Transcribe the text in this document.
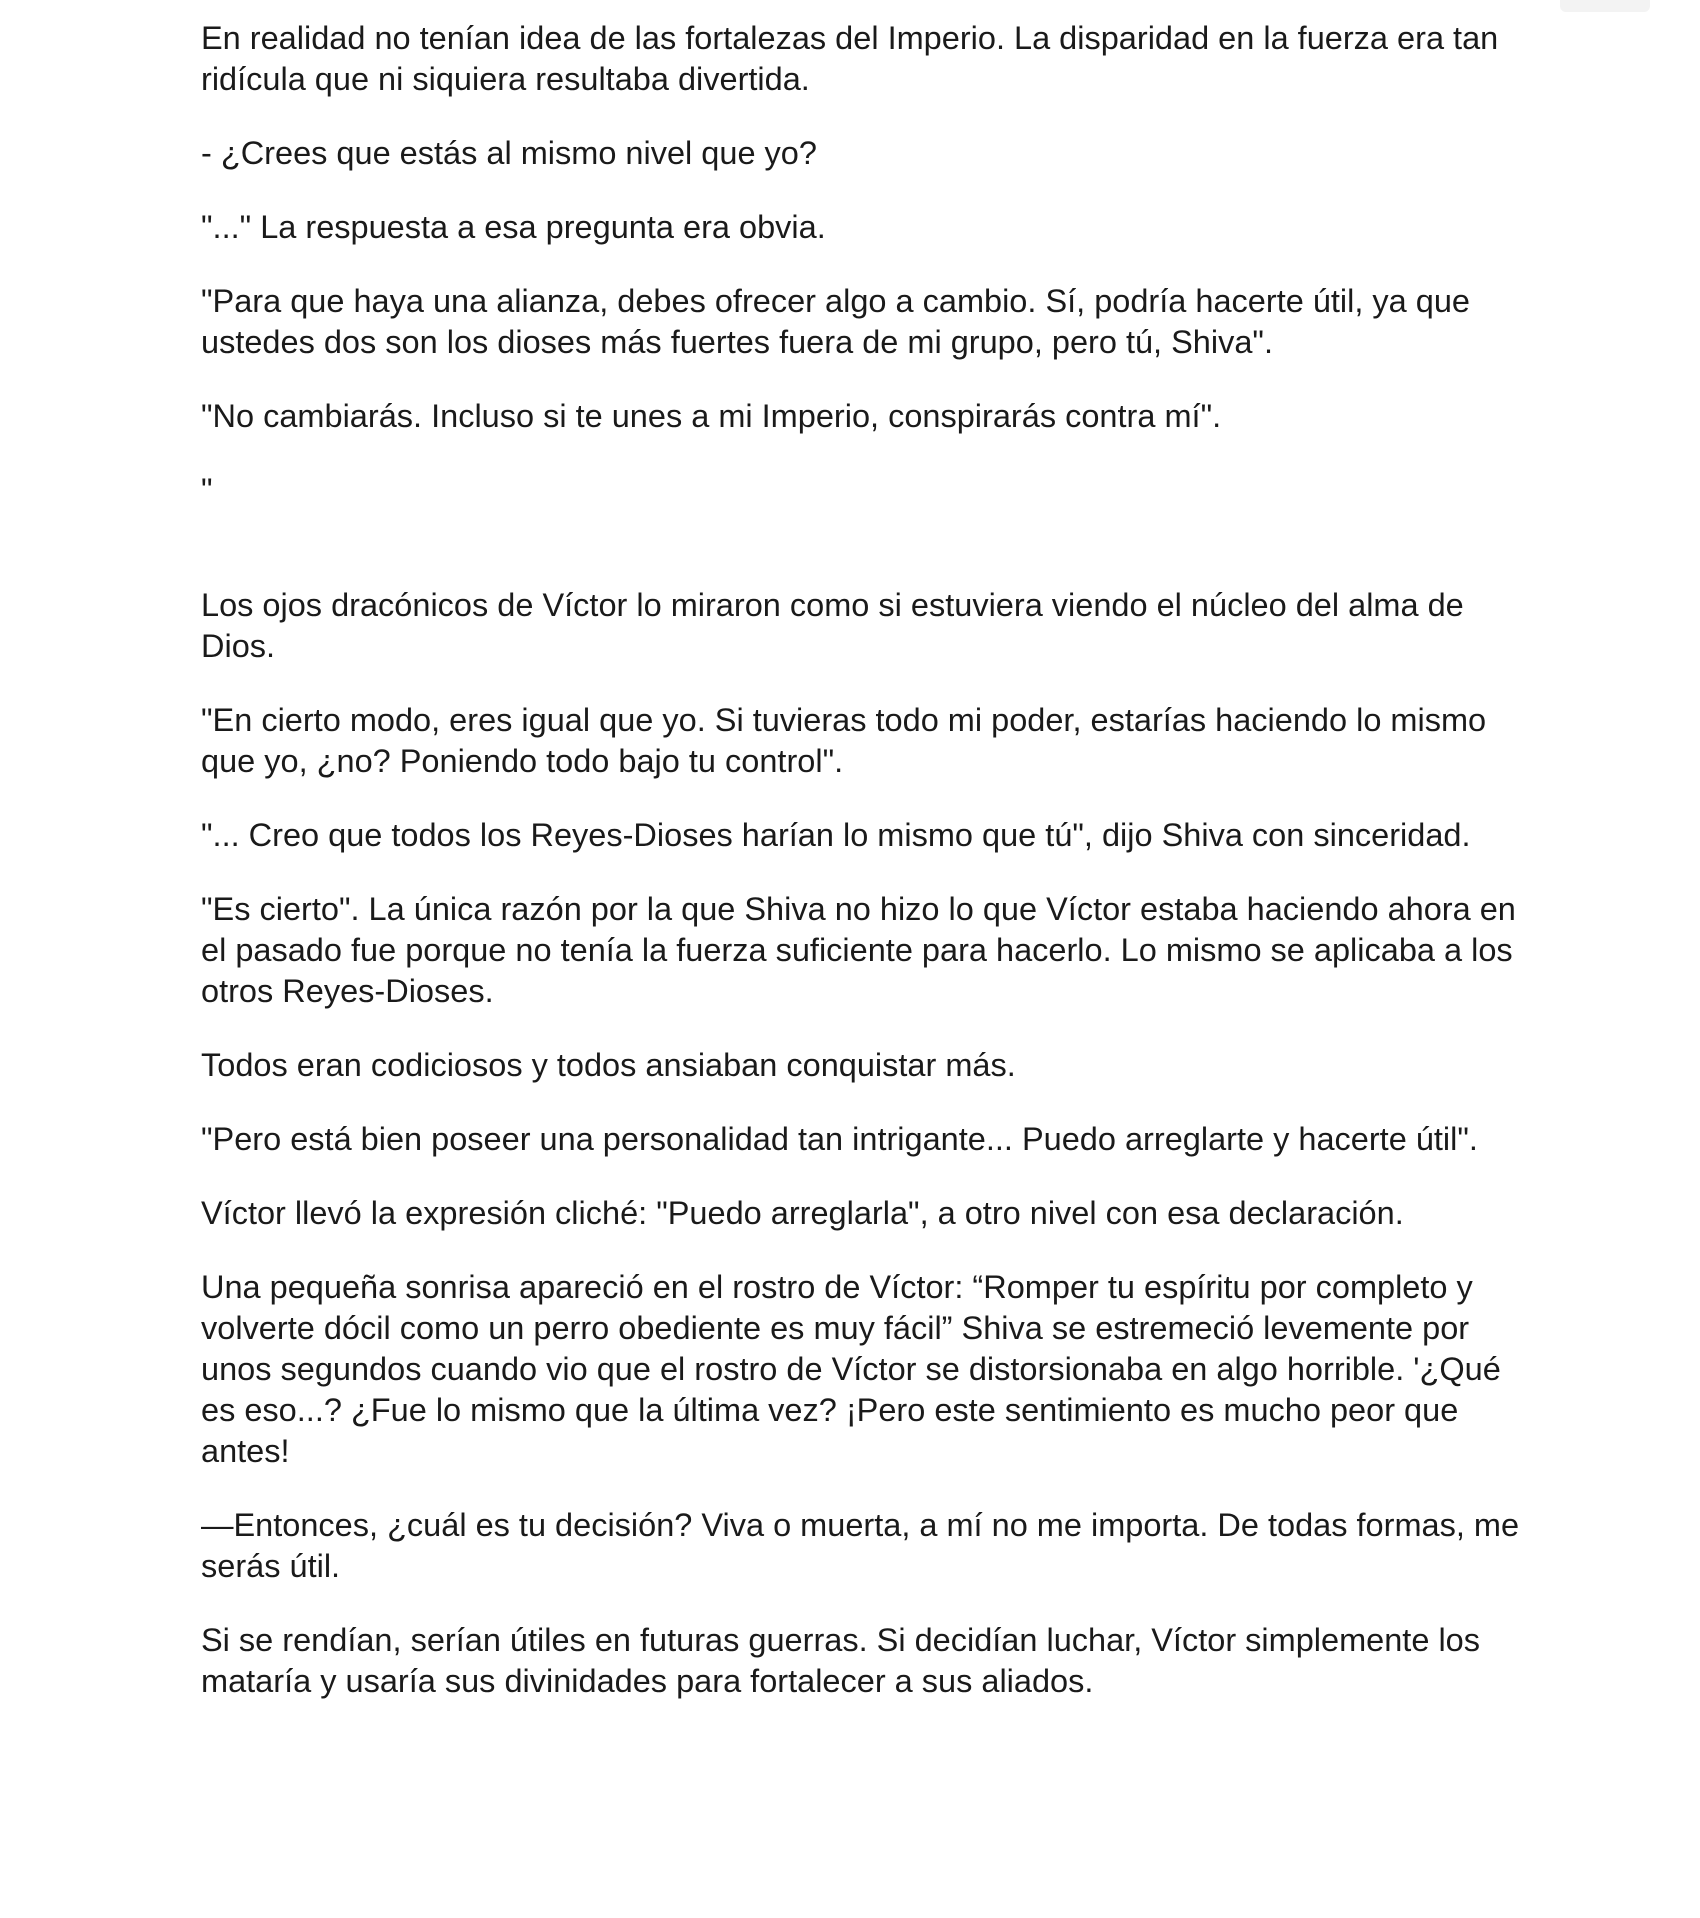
En realidad no tenían idea de las fortalezas del Imperio. La disparidad en la fuerza era tan ridícula que ni siquiera resultaba divertida.

- ¿Crees que estás al mismo nivel que yo?

"..." La respuesta a esa pregunta era obvia.

"Para que haya una alianza, debes ofrecer algo a cambio. Sí, podría hacerte útil, ya que ustedes dos son los dioses más fuertes fuera de mi grupo, pero tú, Shiva".

"No cambiarás. Incluso si te unes a mi Imperio, conspirarás contra mí".

"

Los ojos dracónicos de Víctor lo miraron como si estuviera viendo el núcleo del alma de Dios.

"En cierto modo, eres igual que yo. Si tuvieras todo mi poder, estarías haciendo lo mismo que yo, ¿no? Poniendo todo bajo tu control".

"... Creo que todos los Reyes-Dioses harían lo mismo que tú", dijo Shiva con sinceridad.

"Es cierto". La única razón por la que Shiva no hizo lo que Víctor estaba haciendo ahora en el pasado fue porque no tenía la fuerza suficiente para hacerlo. Lo mismo se aplicaba a los otros Reyes-Dioses.

Todos eran codiciosos y todos ansiaban conquistar más.

"Pero está bien poseer una personalidad tan intrigante... Puedo arreglarte y hacerte útil".

Víctor llevó la expresión cliché: "Puedo arreglarla", a otro nivel con esa declaración.

Una pequeña sonrisa apareció en el rostro de Víctor: “Romper tu espíritu por completo y volverte dócil como un perro obediente es muy fácil” Shiva se estremeció levemente por unos segundos cuando vio que el rostro de Víctor se distorsionaba en algo horrible. '¿Qué es eso...? ¿Fue lo mismo que la última vez? ¡Pero este sentimiento es mucho peor que antes!

—Entonces, ¿cuál es tu decisión? Viva o muerta, a mí no me importa. De todas formas, me serás útil.

Si se rendían, serían útiles en futuras guerras. Si decidían luchar, Víctor simplemente los mataría y usaría sus divinidades para fortalecer a sus aliados.
